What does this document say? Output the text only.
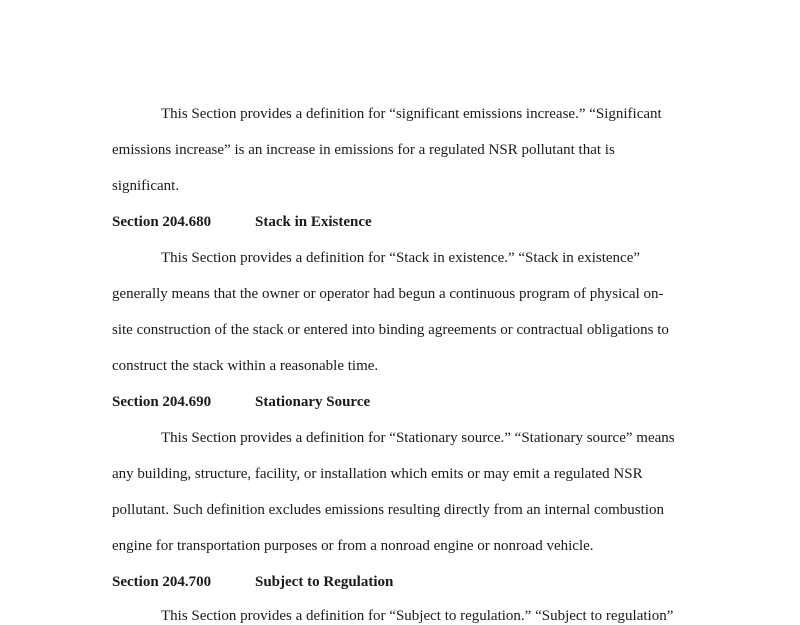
This Section provides a definition for “significant emissions increase.” “Significant
emissions increase” is an increase in emissions for a regulated NSR pollutant that is
significant.
Section 204.680	Stack in Existence
This Section provides a definition for “Stack in existence.” “Stack in existence”
generally means that the owner or operator had begun a continuous program of physical on-
site construction of the stack or entered into binding agreements or contractual obligations to
construct the stack within a reasonable time.
Section 204.690	Stationary Source
This Section provides a definition for “Stationary source.” “Stationary source” means
any building, structure, facility, or installation which emits or may emit a regulated NSR
pollutant. Such definition excludes emissions resulting directly from an internal combustion
engine for transportation purposes or from a nonroad engine or nonroad vehicle.
Section 204.700	Subject to Regulation
This Section provides a definition for “Subject to regulation.” “Subject to regulation”
